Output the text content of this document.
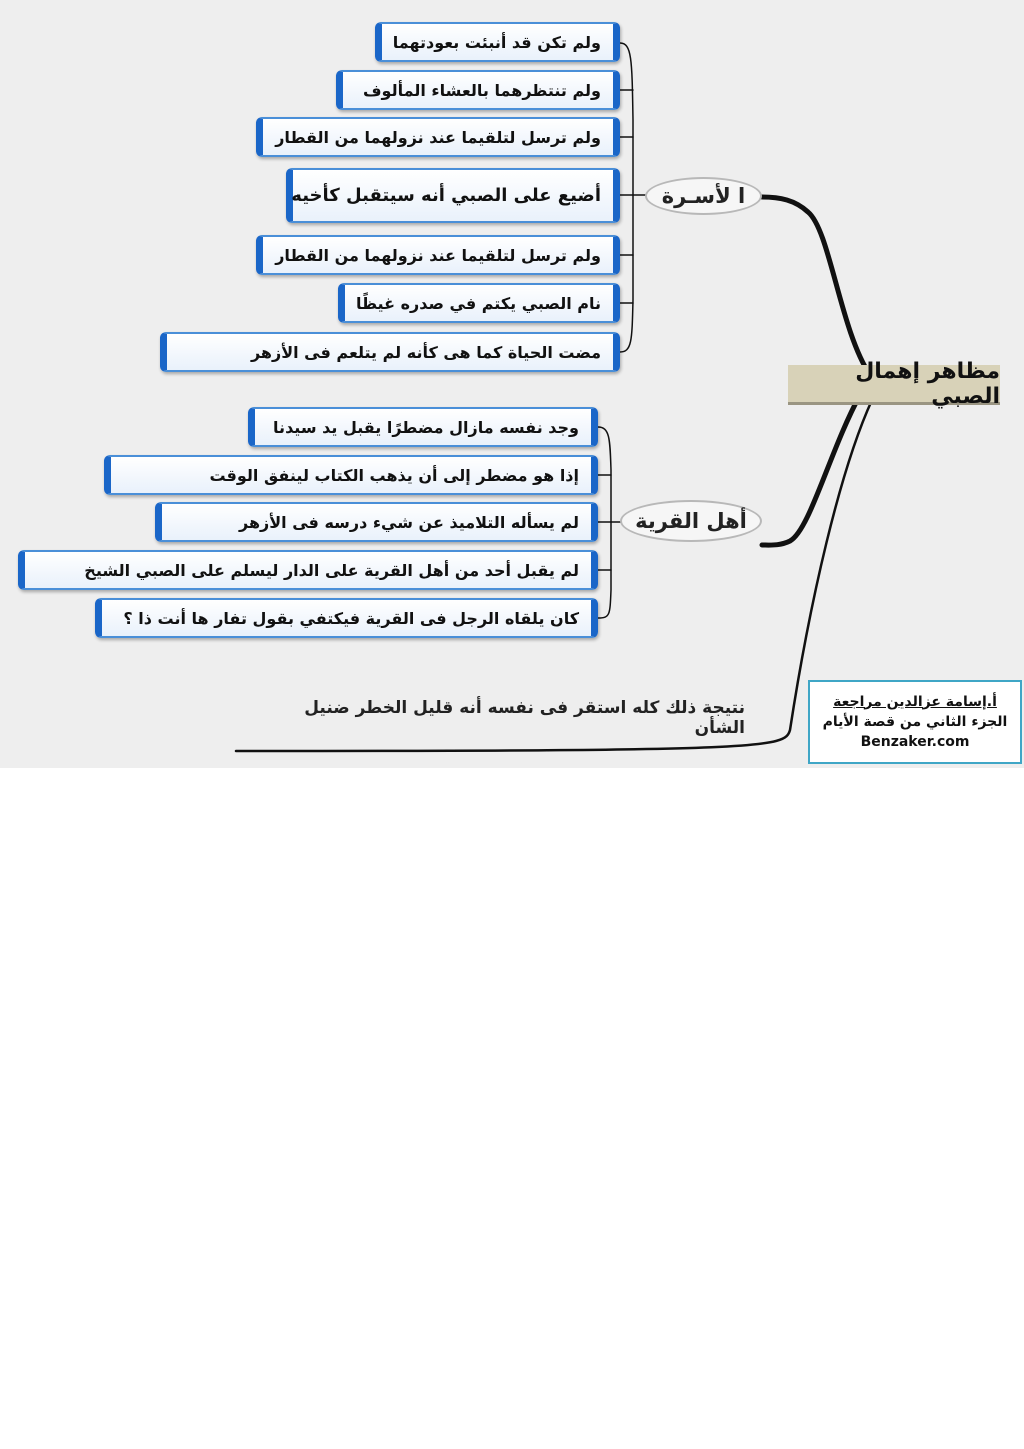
ولم تكن قد أنبئت بعودتهما
ولم تنتظرهما بالعشاء المألوف
ولم ترسل لتلقيما عند نزولهما من القطار
أضيع على الصبي أنه سيتقبل كأخيه
ولم ترسل لتلقيما عند نزولهما من القطار
نام الصبي يكتم في صدره غيظًا
مضت الحياة كما هى كأنه لم يتلعم فى الأزهر
ا لأسـرة
مظاهر إهمال الصبي
وجد نفسه مازال مضطرًا يقبل يد سيدنا
إذا هو مضطر إلى أن يذهب الكتاب لينفق الوقت
لم يسأله التلاميذ عن شيء درسه فى الأزهر
لم يقبل أحد من أهل القرية على الدار ليسلم على الصبي الشيخ
كان يلقاه الرجل فى القرية فيكتفي بقول تفار ها أنت ذا ؟
أهل القرية
نتيجة ذلك كله استقر فى نفسه أنه قليل الخطر ضنيل الشأن
أ.إسامة عزالدين مراجعة
الجزء الثاني من قصة الأيام
Benzaker.com
